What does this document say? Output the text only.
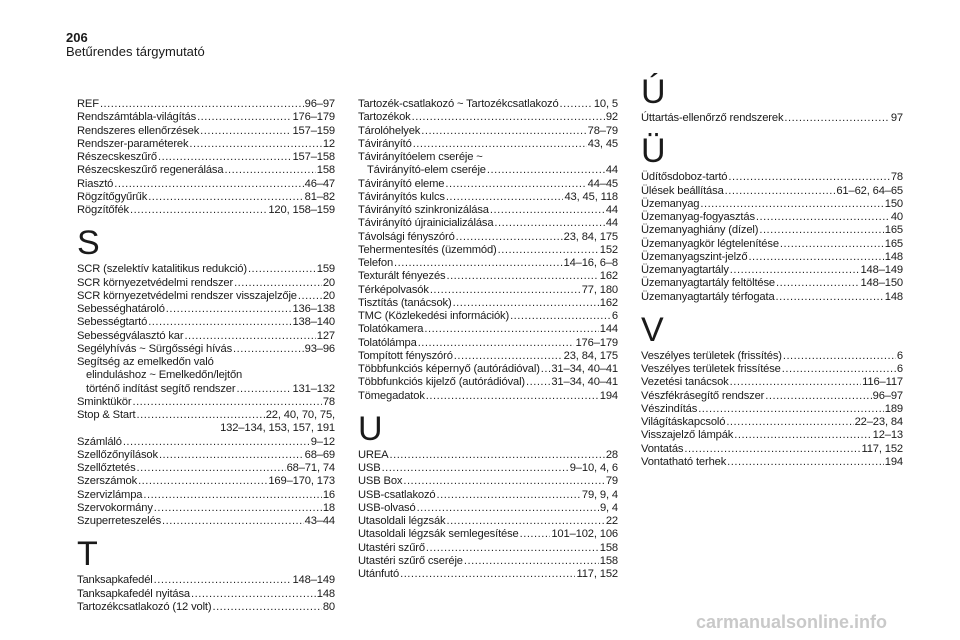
206
Betűrendes tárgymutató
REF .....	96–97
Rendszámtábla-világítás .....	176–179
Rendszeres ellenőrzések .....	157–159
Rendszer-paraméterek .....	12
Részecskeszűrő .....	157–158
Részecskeszűrő regenerálása .....	158
Riasztó .....	46–47
Rögzítőgyűrűk .....	81–82
Rögzítőfék .....	120, 158–159
S
SCR (szelektív katalitikus redukció) .....	159
SCR környezetvédelmi rendszer .....	20
SCR környezetvédelmi rendszer visszajelzője ..... 20
Sebességhatároló .....	136–138
Sebességtartó .....	138–140
Sebességválasztó kar .....	127
Segélyhívás ~ Sürgősségi hívás .....	93–96
Segítség az emelkedőn való
elinduláshoz ~ Emelkedőn/lejtőn
történő indítást segítő rendszer .....	131–132
Sminktükör .....	78
Stop & Start .....	22, 40, 70, 75,
132–134, 153, 157, 191
Számláló .....	9–12
Szellőzőnyílások .....	68–69
Szellőztetés .....	68–71, 74
Szerszámok .....	169–170, 173
Szervizlámpa .....	16
Szervokormány .....	18
Szuperreteszelés .....	43–44
T
Tanksapkafedél .....	148–149
Tanksapkafedél nyitása .....	148
Tartozékcsatlakozó (12 volt) .....	80
Tartozék-csatlakozó ~ Tartozékcsatlakozó .....	10, 5
Tartozékok .....	92
Tárolóhelyek .....	78–79
Távirányító .....	43, 45
Távirányítóelem cseréje ~
Távirányító-elem cseréje .....	44
Távirányító eleme .....	44–45
Távirányítós kulcs .....	43, 45, 118
Távirányító szinkronizálása .....	44
Távirányító újrainicializálása .....	44
Távolsági fényszóró .....	23, 84, 175
Tehermentesítés (üzemmód) .....	152
Telefon .....	14–16, 6–8
Texturált fényezés .....	162
Térképolvasók .....	77, 180
Tisztítás (tanácsok) .....	162
TMC (Közlekedési információk) .....	6
Tolatókamera .....	144
Tolatólámpa .....	176–179
Tompított fényszóró .....	23, 84, 175
Többfunkciós képernyő (autórádióval) ..... 31–34, 40–41
Többfunkciós kijelző (autórádióval) ..... 31–34, 40–41
Tömegadatok .....	194
U
UREA .....	28
USB .....	9–10, 4, 6
USB Box .....	79
USB-csatlakozó .....	79, 9, 4
USB-olvasó .....	9, 4
Utasoldali légzsák .....	22
Utasoldali légzsák semlegesítése .....	101–102, 106
Utastéri szűrő .....	158
Utastéri szűrő cseréje .....	158
Utánfutó .....	117, 152
Ú
Úttartás-ellenőrző rendszerek .....	97
Ü
Üdítősdoboz-tartó .....	78
Ülések beállítása .....	61–62, 64–65
Üzemanyag .....	150
Üzemanyag-fogyasztás .....	40
Üzemanyaghiány (dízel) .....	165
Üzemanyagkör légtelenítése .....	165
Üzemanyagszint-jelző .....	148
Üzemanyagtartály .....	148–149
Üzemanyagtartály feltöltése .....	148–150
Üzemanyagtartály térfogata .....	148
V
Veszélyes területek (frissítés) .....	6
Veszélyes területek frissítése .....	6
Vezetési tanácsok .....	116–117
Vészfékrásegítő rendszer .....	96–97
Vészindítás .....	189
Világításkapcsoló .....	22–23, 84
Visszajelző lámpák .....	12–13
Vontatás .....	117, 152
Vontatható terhek .....	194
carmanualsonline.info
